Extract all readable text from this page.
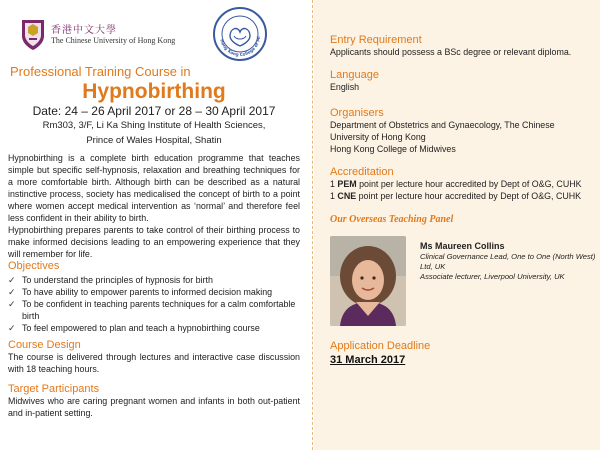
香港中文大學
The Chinese University of Hong Kong	Hong Kong College of Mi
Professional Training Course in
Hypnobirthing
Date: 24 – 26 April 2017 or 28 – 30 April 2017
Rm303, 3/F, Li Ka Shing Institute of Health Sciences,
Prince of Wales Hospital, Shatin

Hypnobirthing is a complete birth education programme that teaches simple but specific self-hypnosis, relaxation and breathing techniques for a more comfortable birth. Although birth can be described as a natural instinctive process, society has medicalised the concept of birth to a point where women accept medical intervention as ‘normal’ and therefore feel less confident in their ability to birth.

Hypnobirthing prepares parents to take control of their birthing process to make informed decisions leading to an empowering experience that they will remember for life.

Objectives
✓ To understand the principles of hypnosis for birth
✓ To have ability to empower parents to informed decision making
✓ To be confident in teaching parents techniques for a calm comfortable birth
✓ To feel empowered to plan and teach a hypnobirthing course
Course Design
The course is delivered through lectures and interactive case discussion with 18 teaching hours.
Target Participants
Midwives who are caring pregnant women and infants in both out-patient and in-patient setting.
Entry Requirement
Applicants should possess a BSc degree or relevant diploma.
Language
English
Organisers
Department of Obstetrics and Gynaecology, The Chinese University of Hong Kong
Hong Kong College of Midwives
Accreditation
1 PEM point per lecture hour accredited by Dept of O&G, CUHK
1 CNE point per lecture hour accredited by Dept of O&G, CUHK
Our Overseas Teaching Panel
Ms Maureen Collins
Clinical Governance Lead, One to One (North West) Ltd, UK
Associate lecturer, Liverpool University, UK
Application Deadline
31 March 2017
